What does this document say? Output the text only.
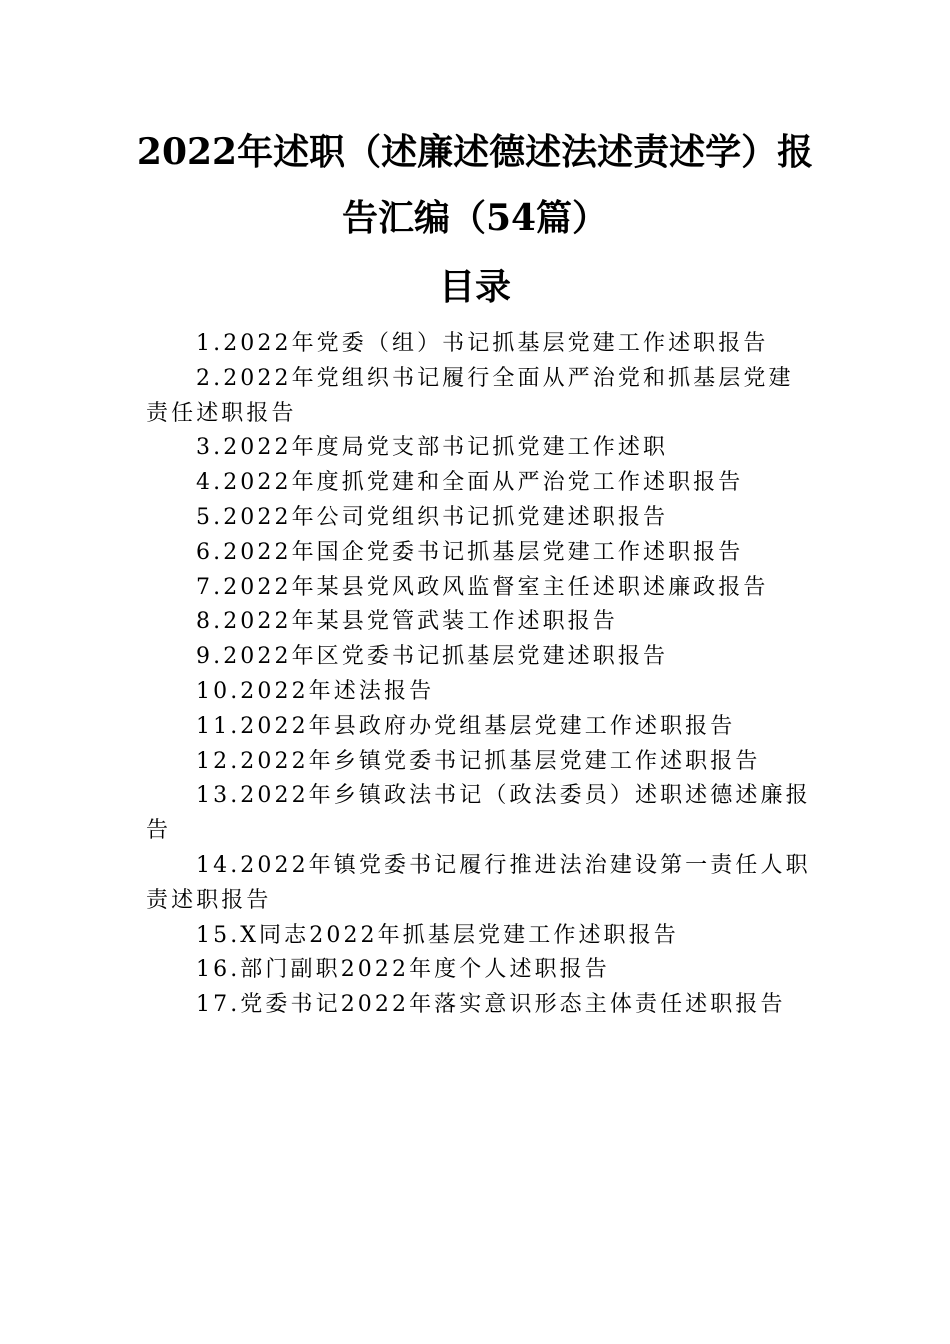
2022年述职（述廉述德述法述责述学）报
告汇编（54篇）
目录
1.2022年党委（组）书记抓基层党建工作述职报告
2.2022年党组织书记履行全面从严治党和抓基层党建责任述职报告
3.2022年度局党支部书记抓党建工作述职
4.2022年度抓党建和全面从严治党工作述职报告
5.2022年公司党组织书记抓党建述职报告
6.2022年国企党委书记抓基层党建工作述职报告
7.2022年某县党风政风监督室主任述职述廉政报告
8.2022年某县党管武装工作述职报告
9.2022年区党委书记抓基层党建述职报告
10.2022年述法报告
11.2022年县政府办党组基层党建工作述职报告
12.2022年乡镇党委书记抓基层党建工作述职报告
13.2022年乡镇政法书记（政法委员）述职述德述廉报告
14.2022年镇党委书记履行推进法治建设第一责任人职责述职报告
15.X同志2022年抓基层党建工作述职报告
16.部门副职2022年度个人述职报告
17.党委书记2022年落实意识形态主体责任述职报告
